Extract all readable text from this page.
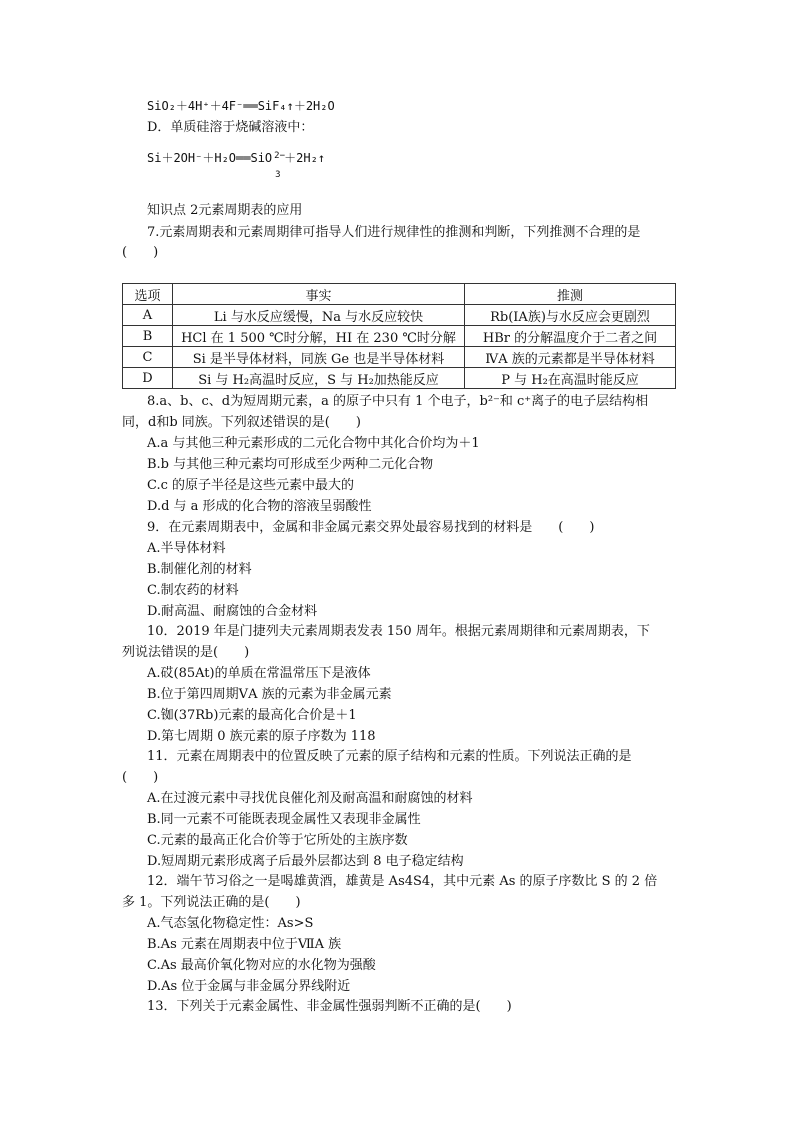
SiO₂＋4H⁺＋4F⁻══SiF₄↑＋2H₂O
D．单质硅溶于烧碱溶液中：
Si＋2OH⁻＋H₂O══SiO 2−
3
＋2H₂↑
知识点 2元素周期表的应用
7.元素周期表和元素周期律可指导人们进行规律性的推测和判断，下列推测不合理的是
(　　)
选项	事实	推测
A	Li 与水反应缓慢，Na 与水反应较快	Rb(ⅠA族)与水反应会更剧烈
B	HCl 在 1 500 ℃时分解，HI 在 230 ℃时分解	HBr 的分解温度介于二者之间
C	Si 是半导体材料，同族 Ge 也是半导体材料	ⅣA 族的元素都是半导体材料
D	Si 与 H₂高温时反应，S 与 H₂加热能反应	P 与 H₂在高温时能反应
8.a、b、c、d为短周期元素，a 的原子中只有 1 个电子，b²⁻和 c⁺离子的电子层结构相
同，d和b 同族。下列叙述错误的是(　　)
A.a 与其他三种元素形成的二元化合物中其化合价均为＋1
B.b 与其他三种元素均可形成至少两种二元化合物
C.c 的原子半径是这些元素中最大的
D.d 与 a 形成的化合物的溶液呈弱酸性
9．在元素周期表中，金属和非金属元素交界处最容易找到的材料是　　(　　)
A.半导体材料
B.制催化剂的材料
C.制农药的材料
D.耐高温、耐腐蚀的合金材料
10．2019 年是门捷列夫元素周期表发表 150 周年。根据元素周期律和元素周期表，下
列说法错误的是(　　)
A.砹(85At)的单质在常温常压下是液体
B.位于第四周期ⅤA 族的元素为非金属元素
C.铷(37Rb)元素的最高化合价是＋1
D.第七周期 0 族元素的原子序数为 118
11．元素在周期表中的位置反映了元素的原子结构和元素的性质。下列说法正确的是
(　　)
A.在过渡元素中寻找优良催化剂及耐高温和耐腐蚀的材料
B.同一元素不可能既表现金属性又表现非金属性
C.元素的最高正化合价等于它所处的主族序数
D.短周期元素形成离子后最外层都达到 8 电子稳定结构
12．端午节习俗之一是喝雄黄酒，雄黄是 As4S4，其中元素 As 的原子序数比 S 的 2 倍
多 1。下列说法正确的是(　　)
A.气态氢化物稳定性：As>S
B.As 元素在周期表中位于ⅦA 族
C.As 最高价氧化物对应的水化物为强酸
D.As 位于金属与非金属分界线附近
13．下列关于元素金属性、非金属性强弱判断不正确的是(　　)
